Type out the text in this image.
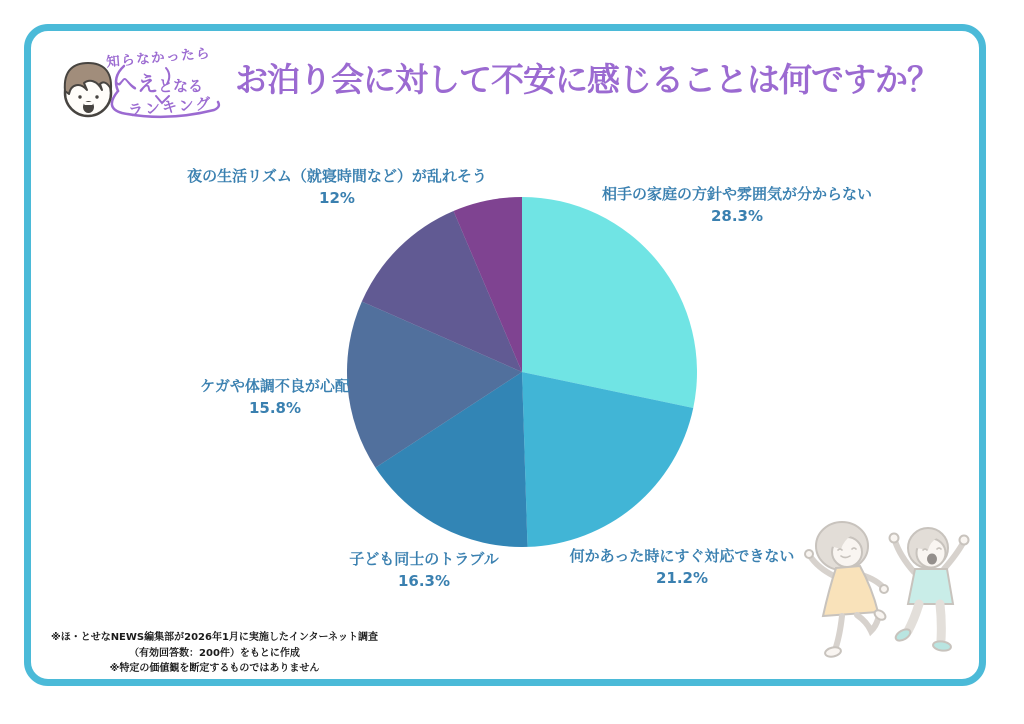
知らなかったら
へえとなる
ランキング
お泊り会に対して不安に感じることは何ですか？
夜の生活リズム（就寝時間など）が乱れそう
12%	相手の家庭の方針や雰囲気が分からない
28.3%
ケガや体調不良が心配
15.8%
子ども同士のトラブル
16.3%
何かあった時にすぐ対応できない
21.2%
※ほ・とせなNEWS編集部が2026年1月に実施したインターネット調査
（有効回答数：200件）をもとに作成
※特定の価値観を断定するものではありません
